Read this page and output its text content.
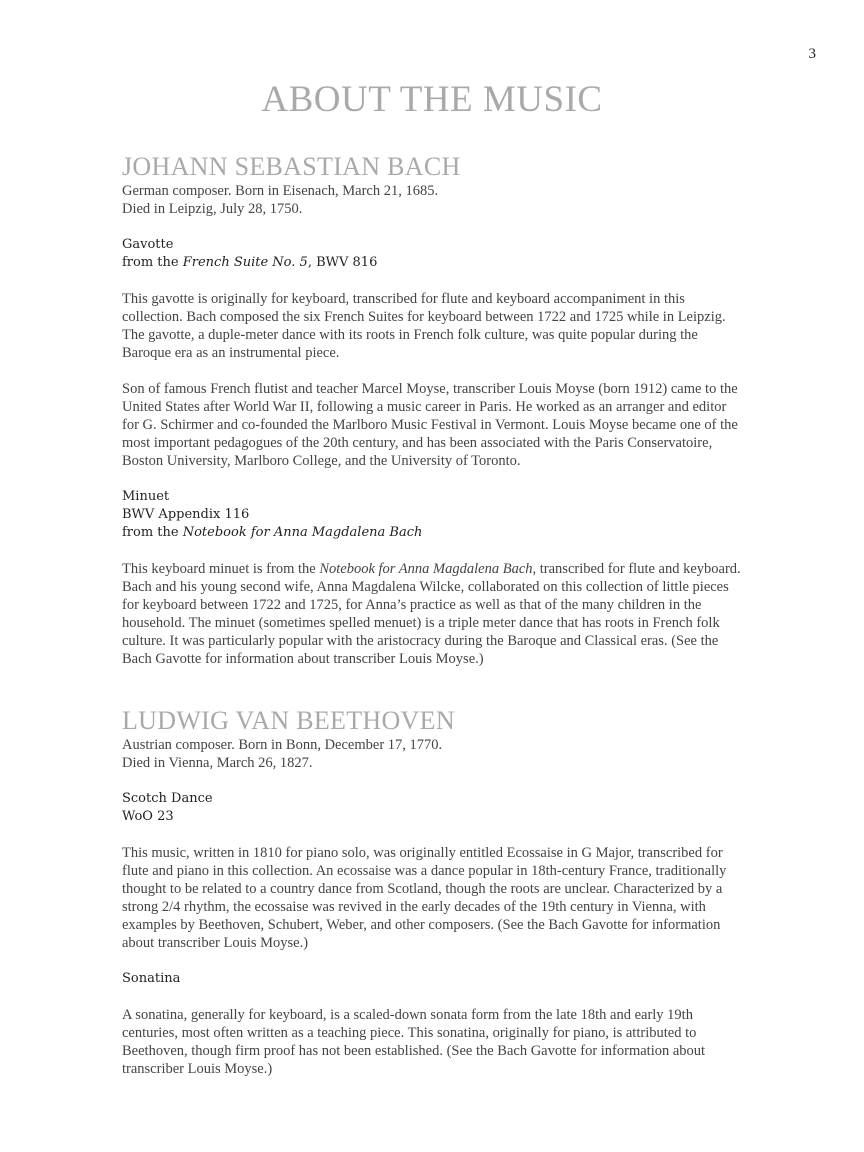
3
ABOUT THE MUSIC
JOHANN SEBASTIAN BACH

German composer. Born in Eisenach, March 21, 1685.

Died in Leipzig, July 28, 1750.

Gavotte

from the French Suite No. 5, BWV 816

This gavotte is originally for keyboard, transcribed for flute and keyboard accompaniment in this collection. Bach composed the six French Suites for keyboard between 1722 and 1725 while in Leipzig. The gavotte, a duple-meter dance with its roots in French folk culture, was quite popular during the Baroque era as an instrumental piece.

Son of famous French flutist and teacher Marcel Moyse, transcriber Louis Moyse (born 1912) came to the United States after World War II, following a music career in Paris. He worked as an arranger and editor for G. Schirmer and co-founded the Marlboro Music Festival in Vermont. Louis Moyse became one of the most important pedagogues of the 20th century, and has been associated with the Paris Conservatoire, Boston University, Marlboro College, and the University of Toronto.

Minuet

BWV Appendix 116

from the Notebook for Anna Magdalena Bach

This keyboard minuet is from the Notebook for Anna Magdalena Bach, transcribed for flute and keyboard. Bach and his young second wife, Anna Magdalena Wilcke, collaborated on this collection of little pieces for keyboard between 1722 and 1725, for Anna’s practice as well as that of the many children in the household. The minuet (sometimes spelled menuet) is a triple meter dance that has roots in French folk culture. It was particularly popular with the aristocracy during the Baroque and Classical eras. (See the Bach Gavotte for information about transcriber Louis Moyse.)

LUDWIG VAN BEETHOVEN

Austrian composer. Born in Bonn, December 17, 1770.

Died in Vienna, March 26, 1827.

Scotch Dance

WoO 23

This music, written in 1810 for piano solo, was originally entitled Ecossaise in G Major, transcribed for flute and piano in this collection. An ecossaise was a dance popular in 18th-century France, traditionally thought to be related to a country dance from Scotland, though the roots are unclear. Characterized by a strong 2/4 rhythm, the ecossaise was revived in the early decades of the 19th century in Vienna, with examples by Beethoven, Schubert, Weber, and other composers. (See the Bach Gavotte for information about transcriber Louis Moyse.)

Sonatina

A sonatina, generally for keyboard, is a scaled-down sonata form from the late 18th and early 19th centuries, most often written as a teaching piece. This sonatina, originally for piano, is attributed to Beethoven, though firm proof has not been established. (See the Bach Gavotte for information about transcriber Louis Moyse.)
